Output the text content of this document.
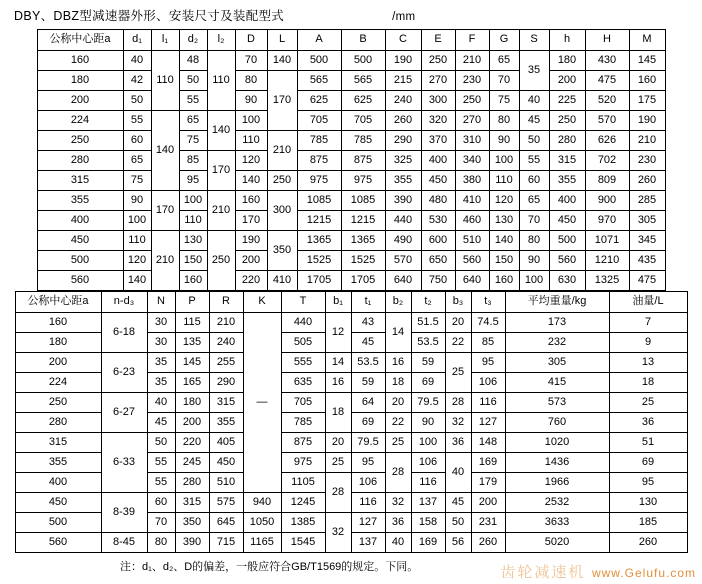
DBY、DBZ型减速器外形、安装尺寸及装配型式	/mm
公称中心距a	d₁	l₁	d₂	l₂	D	L	A	B	C	E	F	G	S	h	H	M
160	40	110	48	110	70	140	500	500	190	250	210	65	35	180	430	145
180	42		50		80	170	565	565	215	270	230	70		200	475	160
200	50		55		90		625	625	240	300	250	75	40	225	520	175
224	55	140	65	140	100		705	705	260	320	270	80	45	250	570	190
250	60		75		110	210	785	785	290	370	310	90	50	280	626	210
280	65		85	170	120		875	875	325	400	340	100	55	315	702	230
315	75		95		140	250	975	975	355	450	380	110	60	355	809	260
355	90	170	100	210	160	300	1085	1085	390	480	410	120	65	400	900	285
400	100		110		170		1215	1215	440	530	460	130	70	450	970	305
450	110	210	130	250	190	350	1365	1365	490	600	510	140	80	500	1071	345
500	120		150		200		1525	1525	570	650	560	150	90	560	1210	435
560	140		160		220	410	1705	1705	640	750	640	160	100	630	1325	475
公称中心距a	n-d₃	N	P	R	K	T	b₁	t₁	b₂	t₂	b₃	t₃	平均重量/kg	油量/L
160	6-18	30	115	210	—	440	12	43	14	51.5	20	74.5	173	7
180		30	135	240		505		45		53.5	22	85	232	9
200	6-23	35	145	255		555	14	53.5	16	59	25	95	305	13
224		35	165	290		635	16	59	18	69		106	415	18
250	6-27	40	180	315		705	18	64	20	79.5	28	116	573	25
280		45	200	355		785		69	22	90	32	127	760	36
315	6-33	50	220	405		875	20	79.5	25	100	36	148	1020	51
355		55	245	450		975	25	95	28	106	40	169	1436	69
400		55	280	510		1105	28	106		116		179	1966	95
450	8-39	60	315	575	940	1245		116	32	137	45	200	2532	130
500		70	350	645	1050	1385	32	127	36	158	50	231	3633	185
560	8-45	80	390	715	1165	1545		137	40	169	56	260	5020	260
注：d₁、d₂、D的偏差，一般应符合GB/T1569的规定。下同。	齿轮减速机 www.Gelufu.com
